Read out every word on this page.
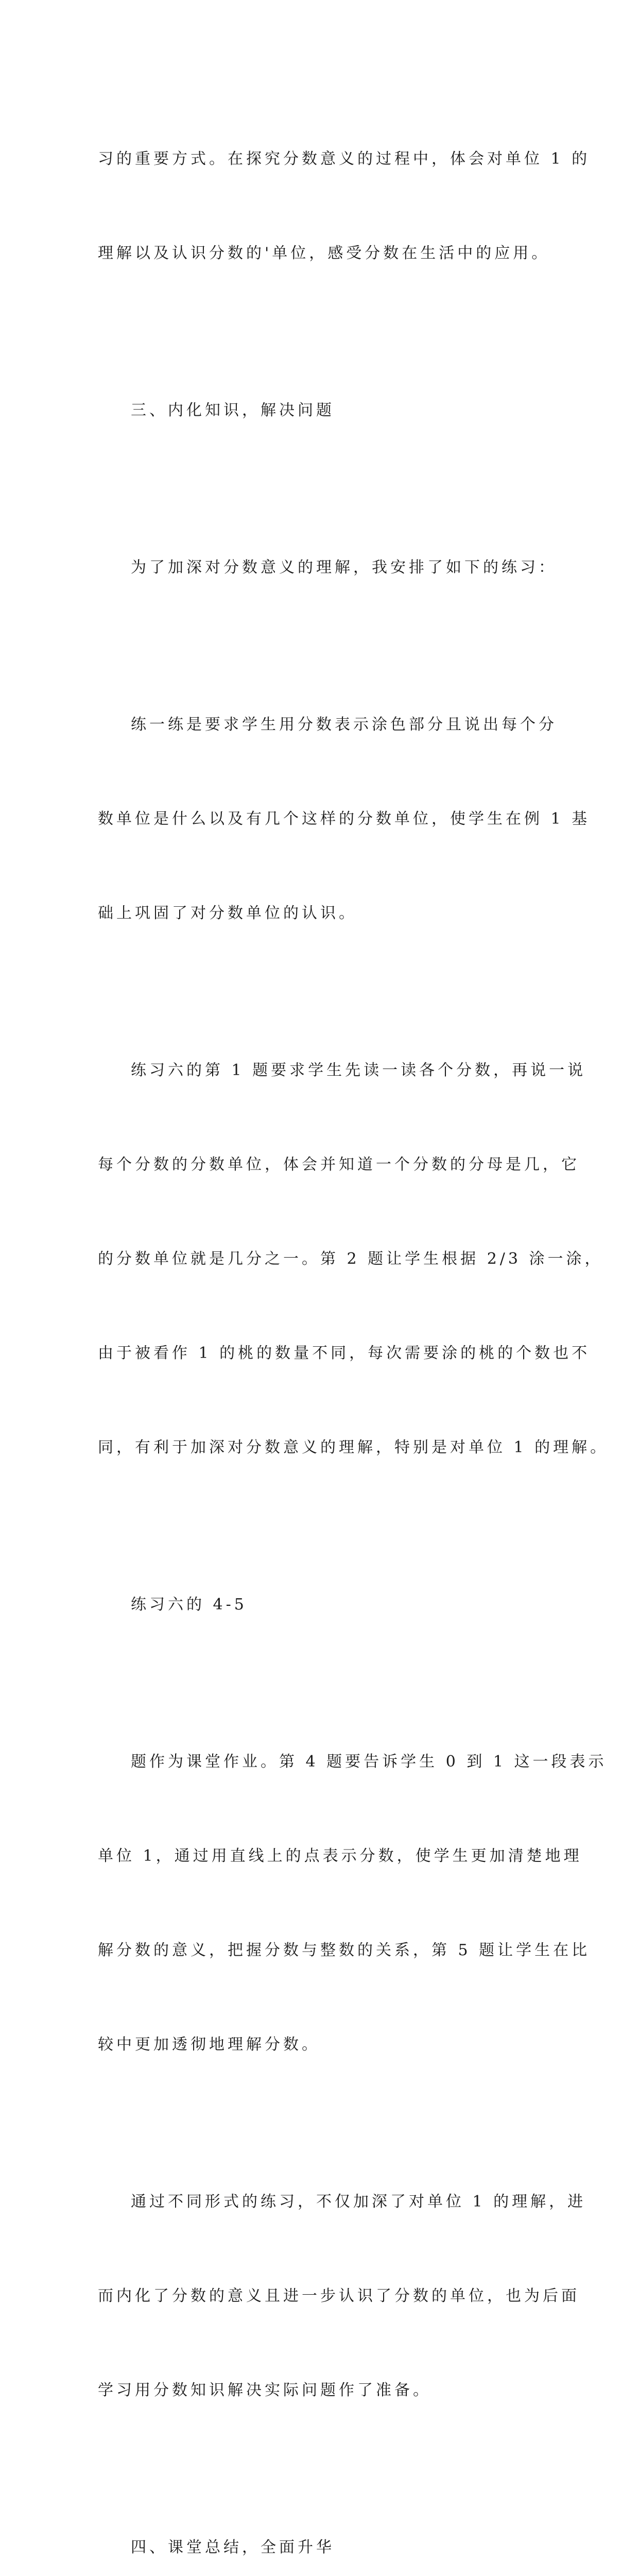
习的重要方式。在探究分数意义的过程中，体会对单位 1 的

理解以及认识分数的'单位，感受分数在生活中的应用。

三、内化知识，解决问题

为了加深对分数意义的理解，我安排了如下的练习：

练一练是要求学生用分数表示涂色部分且说出每个分

数单位是什么以及有几个这样的分数单位，使学生在例 1 基

础上巩固了对分数单位的认识。

练习六的第 1 题要求学生先读一读各个分数，再说一说

每个分数的分数单位，体会并知道一个分数的分母是几，它

的分数单位就是几分之一。第 2 题让学生根据 2/3 涂一涂，

由于被看作 1 的桃的数量不同，每次需要涂的桃的个数也不

同，有利于加深对分数意义的理解，特别是对单位 1 的理解。

练习六的 4-5

题作为课堂作业。第 4 题要告诉学生 0 到 1 这一段表示

单位 1，通过用直线上的点表示分数，使学生更加清楚地理

解分数的意义，把握分数与整数的关系，第 5 题让学生在比

较中更加透彻地理解分数。

通过不同形式的练习，不仅加深了对单位 1 的理解，进

而内化了分数的意义且进一步认识了分数的单位，也为后面

学习用分数知识解决实际问题作了准备。

四、课堂总结，全面升华
